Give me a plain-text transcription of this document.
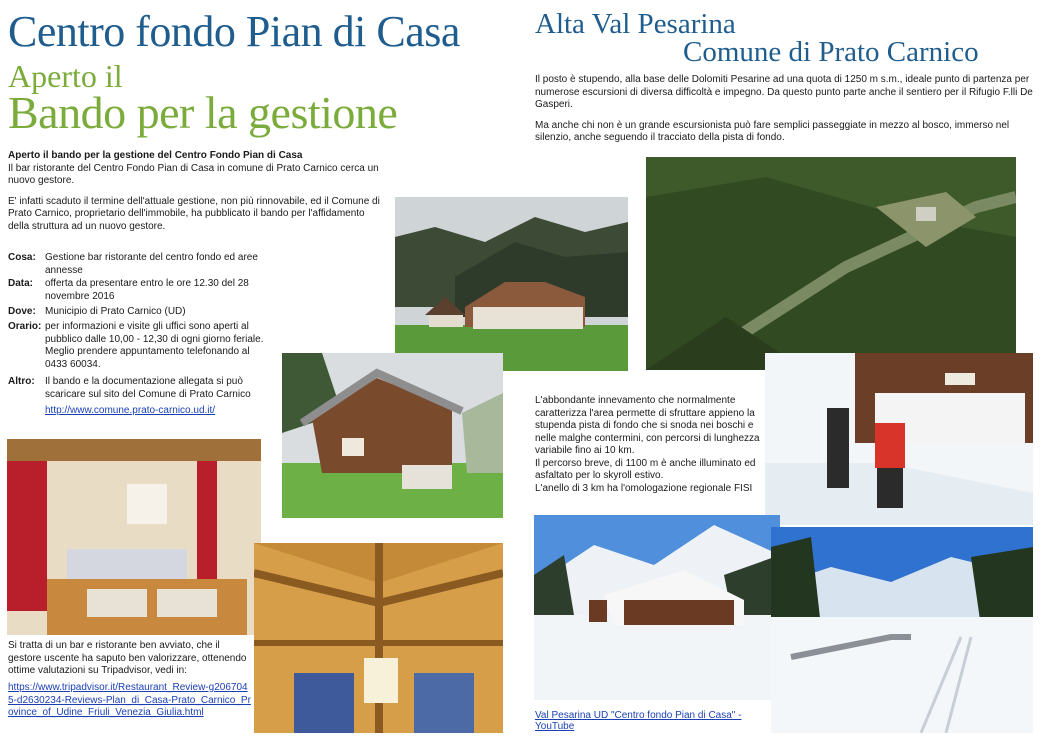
Centro fondo Pian di Casa
Aperto il
Bando per la gestione
Alta Val Pesarina
Comune di Prato Carnico
Aperto il bando per la gestione del Centro Fondo Pian di Casa
Il bar ristorante del Centro Fondo Pian di Casa in comune di Prato Carnico cerca un nuovo gestore.
E' infatti scaduto il termine dell'attuale gestione, non più rinnovabile, ed il Comune di Prato Carnico, proprietario dell'immobile, ha pubblicato il bando per l'affidamento della struttura ad un nuovo gestore.
Cosa: Gestione bar ristorante del centro fondo ed aree annesse
Data: offerta da presentare entro le ore 12.30 del 28 novembre 2016
Dove: Municipio di Prato Carnico (UD)
Orario: per informazioni e visite gli uffici sono aperti al pubblico dalle 10,00 - 12,30 di ogni giorno feriale. Meglio prendere appuntamento telefonando al 0433 60034.
Altro: Il bando e la documentazione allegata si può scaricare sul sito del Comune di Prato Carnico
http://www.comune.prato-carnico.ud.it/
Il posto è stupendo, alla base delle Dolomiti Pesarine ad una quota di 1250 m s.m., ideale punto di partenza per numerose escursioni di diversa difficoltà e impegno. Da questo punto parte anche il sentiero per il Rifugio F.lli De Gasperi.
Ma anche chi non è un grande escursionista può fare semplici passeggiate in mezzo al bosco, immerso nel silenzio, anche seguendo il tracciato della pista di fondo.
L'abbondante innevamento che normalmente caratterizza l'area permette di sfruttare appieno la stupenda pista di fondo che si snoda nei boschi e nelle malghe contermini, con percorsi di lunghezza variabile fino ai 10 km.
Il percorso breve, di 1100 m è anche illuminato ed asfaltato per lo skyroll estivo.
L'anello di 3 km ha l'omologazione regionale FISI
Val Pesarina UD "Centro fondo Pian di Casa" - YouTube
Si tratta di un bar e ristorante ben avviato, che il gestore uscente ha saputo ben valorizzare, ottenendo ottime valutazioni su Tripadvisor, vedi in:
https://www.tripadvisor.it/Restaurant_Review-g2067045-d2630234-Reviews-Plan_di_Casa-Prato_Carnico_Province_of_Udine_Friuli_Venezia_Giulia.html
